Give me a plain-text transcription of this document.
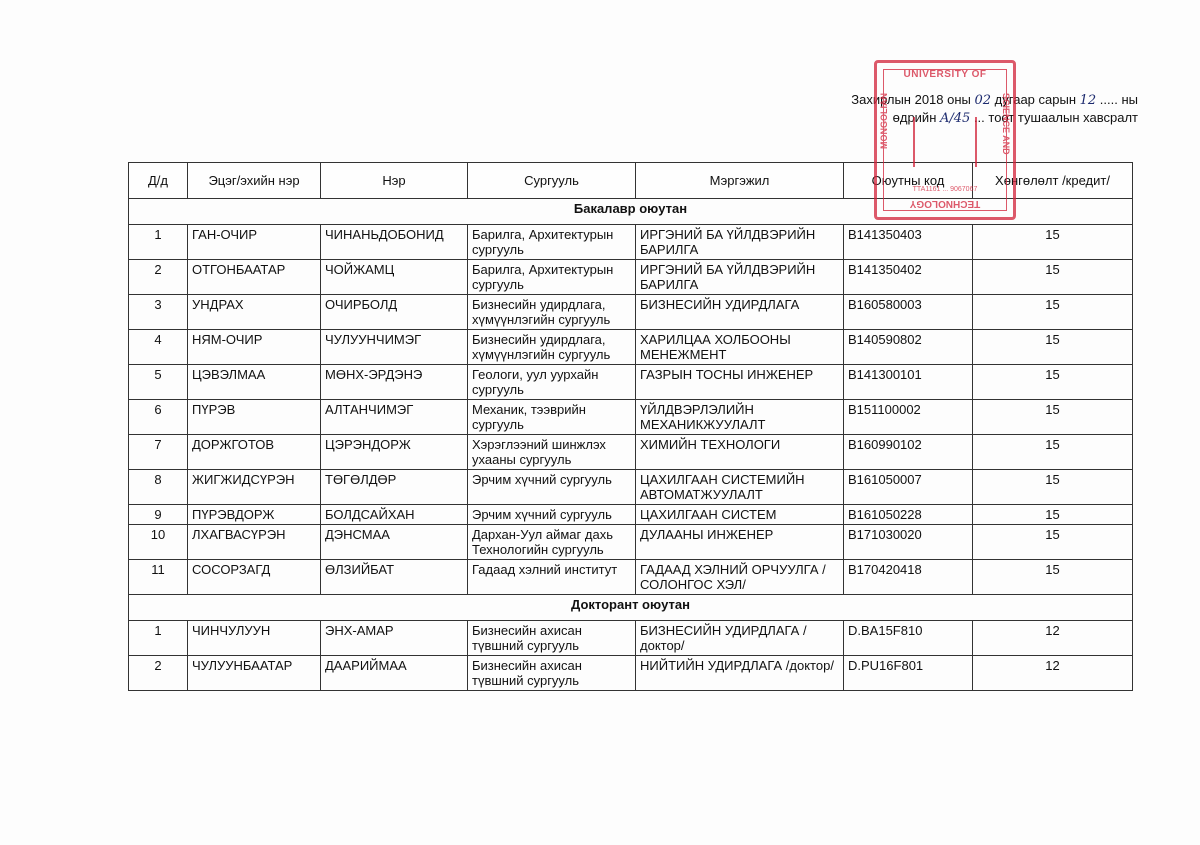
Захирлын 2018 оны 02 дугаар сарын 12 ..... ны
өдрийн A/45 ... тоот тушаалын хавсралт
Д/д	Эцэг/эхийн нэр	Нэр	Сургууль	Мэргэжил	Оюутны код	Хөнгөлөлт /кредит/
Бакалавр оюутан						
1	ГАН-ОЧИР	ЧИНАНЬДОБОНИД	Барилга, Архитектурын сургууль	ИРГЭНИЙ БА ҮЙЛДВЭРИЙН БАРИЛГА	B141350403	15
2	ОТГОНБААТАР	ЧОЙЖАМЦ	Барилга, Архитектурын сургууль	ИРГЭНИЙ БА ҮЙЛДВЭРИЙН БАРИЛГА	B141350402	15
3	УНДРАХ	ОЧИРБОЛД	Бизнесийн удирдлага, хүмүүнлэгийн сургууль	БИЗНЕСИЙН УДИРДЛАГА	B160580003	15
4	НЯМ-ОЧИР	ЧУЛУУНЧИМЭГ	Бизнесийн удирдлага, хүмүүнлэгийн сургууль	ХАРИЛЦАА ХОЛБООНЫ МЕНЕЖМЕНТ	B140590802	15
5	ЦЭВЭЛМАА	МӨНХ-ЭРДЭНЭ	Геологи, уул уурхайн сургууль	ГАЗРЫН ТОСНЫ ИНЖЕНЕР	B141300101	15
6	ПҮРЭВ	АЛТАНЧИМЭГ	Механик, тээврийн сургууль	ҮЙЛДВЭРЛЭЛИЙН МЕХАНИКЖУУЛАЛТ	B151100002	15
7	ДОРЖГОТОВ	ЦЭРЭНДОРЖ	Хэрэглээний шинжлэх ухааны сургууль	ХИМИЙН ТЕХНОЛОГИ	B160990102	15
8	ЖИГЖИДСҮРЭН	ТӨГӨЛДӨР	Эрчим хүчний сургууль	ЦАХИЛГААН СИСТЕМИЙН АВТОМАТЖУУЛАЛТ	B161050007	15
9	ПҮРЭВДОРЖ	БОЛДСАЙХАН	Эрчим хүчний сургууль	ЦАХИЛГААН СИСТЕМ	B161050228	15
10	ЛХАГВАСҮРЭН	ДЭНСМАА	Дархан-Уул аймаг дахь Технологийн сургууль	ДУЛААНЫ ИНЖЕНЕР	B171030020	15
11	СОСОРЗАГД	ӨЛЗИЙБАТ	Гадаад хэлний институт	ГАДААД ХЭЛНИЙ ОРЧУУЛГА /СОЛОНГОС ХЭЛ/	B170420418	15
Докторант оюутан						
1	ЧИНЧУЛУУН	ЭНХ-АМАР	Бизнесийн ахисан түвшний сургууль	БИЗНЕСИЙН УДИРДЛАГА /доктор/	D.BA15F810	12
2	ЧУЛУУНБААТАР	ДААРИЙМАА	Бизнесийн ахисан түвшний сургууль	НИЙТИЙН УДИРДЛАГА /доктор/	D.PU16F801	12
UNIVERSITY OF
MONGOLIAN	SCIENCE AND
TTA1161 ... 9067067
TECHNOLOGY
